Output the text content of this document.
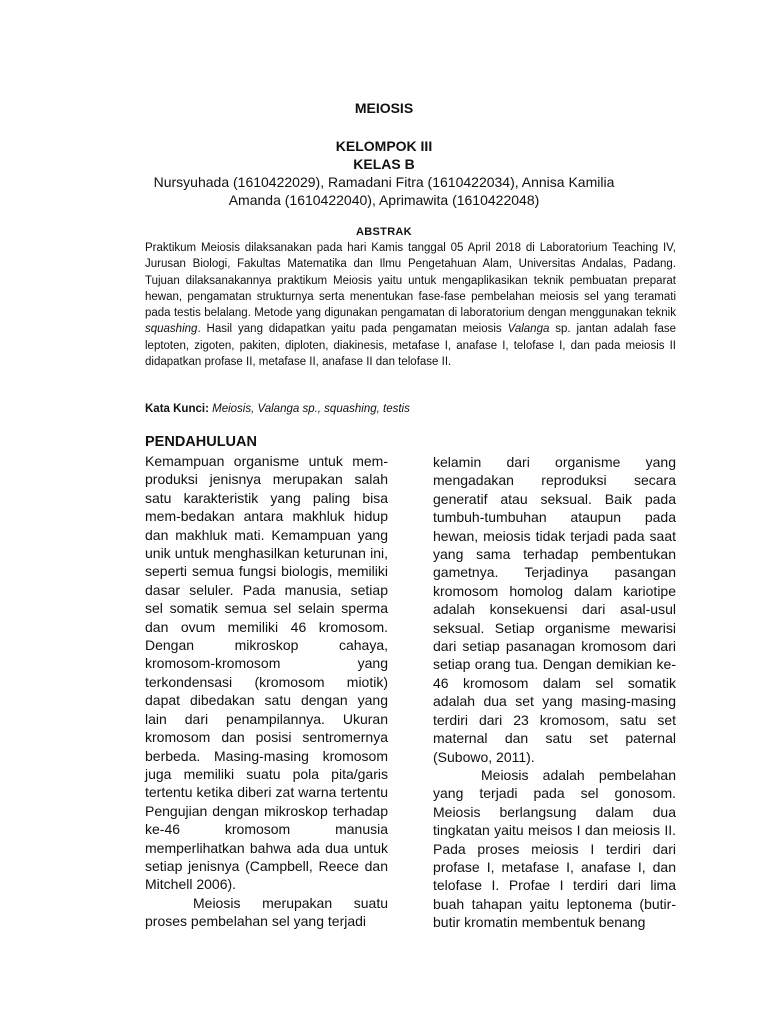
MEIOSIS
KELOMPOK III
KELAS B
Nursyuhada (1610422029), Ramadani Fitra (1610422034), Annisa Kamilia Amanda (1610422040), Aprimawita (1610422048)
ABSTRAK

Praktikum Meiosis dilaksanakan pada hari Kamis tanggal 05 April 2018 di Laboratorium Teaching IV, Jurusan Biologi, Fakultas Matematika dan Ilmu Pengetahuan Alam, Universitas Andalas, Padang. Tujuan dilaksanakannya praktikum Meiosis yaitu untuk mengaplikasikan teknik pembuatan preparat hewan, pengamatan strukturnya serta menentukan fase-fase pembelahan meiosis sel yang teramati pada testis belalang. Metode yang digunakan pengamatan di laboratorium dengan menggunakan teknik squashing. Hasil yang didapatkan yaitu pada pengamatan meiosis Valanga sp. jantan adalah fase leptoten, zigoten, pakiten, diploten, diakinesis, metafase I, anafase I, telofase I, dan pada meiosis II didapatkan profase II, metafase II, anafase II dan telofase II.

Kata Kunci: Meiosis, Valanga sp., squashing, testis

PENDAHULUAN

Kemampuan organisme untuk mem-produksi jenisnya merupakan salah satu karakteristik yang paling bisa mem-bedakan antara makhluk hidup dan makhluk mati. Kemampuan yang unik untuk menghasilkan keturunan ini, seperti semua fungsi biologis, memiliki dasar seluler. Pada manusia, setiap sel somatik semua sel selain sperma dan ovum memiliki 46 kromosom. Dengan mikroskop cahaya, kromosom-kromosom yang terkondensasi (kromosom miotik) dapat dibedakan satu dengan yang lain dari penampilannya. Ukuran kromosom dan posisi sentromernya berbeda. Masing-masing kromosom juga memiliki suatu pola pita/garis tertentu ketika diberi zat warna tertentu Pengujian dengan mikroskop terhadap ke-46 kromosom manusia memperlihatkan bahwa ada dua untuk setiap jenisnya (Campbell, Reece dan Mitchell 2006).

Meiosis merupakan suatu proses pembelahan sel yang terjadi

kelamin dari organisme yang mengadakan reproduksi secara generatif atau seksual. Baik pada tumbuh-tumbuhan ataupun pada hewan, meiosis tidak terjadi pada saat yang sama terhadap pembentukan gametnya. Terjadinya pasangan kromosom homolog dalam kariotipe adalah konsekuensi dari asal-usul seksual. Setiap organisme mewarisi dari setiap pasanagan kromosom dari setiap orang tua. Dengan demikian ke-46 kromosom dalam sel somatik adalah dua set yang masing-masing terdiri dari 23 kromosom, satu set maternal dan satu set paternal (Subowo, 2011).

Meiosis adalah pembelahan yang terjadi pada sel gonosom. Meiosis berlangsung dalam dua tingkatan yaitu meisos I dan meiosis II. Pada proses meiosis I terdiri dari profase I, metafase I, anafase I, dan telofase I. Profae I terdiri dari lima buah tahapan yaitu leptonema (butir-butir kromatin membentuk benang
